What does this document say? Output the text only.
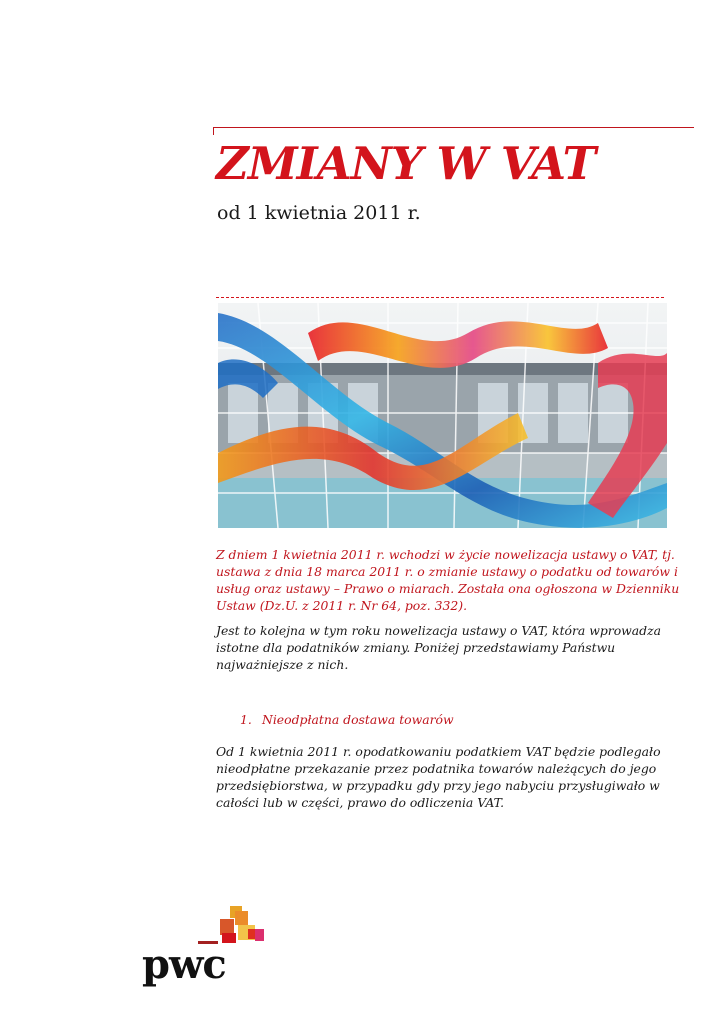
ZMIANY W VAT

od 1 kwietnia 2011 r.

Z dniem 1 kwietnia 2011 r. wchodzi w życie nowelizacja ustawy o VAT, tj. ustawa z dnia 18 marca 2011 r. o zmianie ustawy o podatku od towarów i usług oraz ustawy – Prawo o miarach. Została ona ogłoszona w Dzienniku Ustaw (Dz.U. z 2011 r. Nr 64, poz. 332).

Jest to kolejna w tym roku nowelizacja ustawy o VAT, która wprowadza istotne dla podatników zmiany. Poniżej przedstawiamy Państwu najważniejsze z nich.

1. Nieodpłatna dostawa towarów

Od 1 kwietnia 2011 r. opodatkowaniu podatkiem VAT będzie podlegało nieodpłatne przekazanie przez podatnika towarów należących do jego przedsiębiorstwa, w przypadku gdy przy jego nabyciu przysługiwało w całości lub w części, prawo do odliczenia VAT.

pwc
